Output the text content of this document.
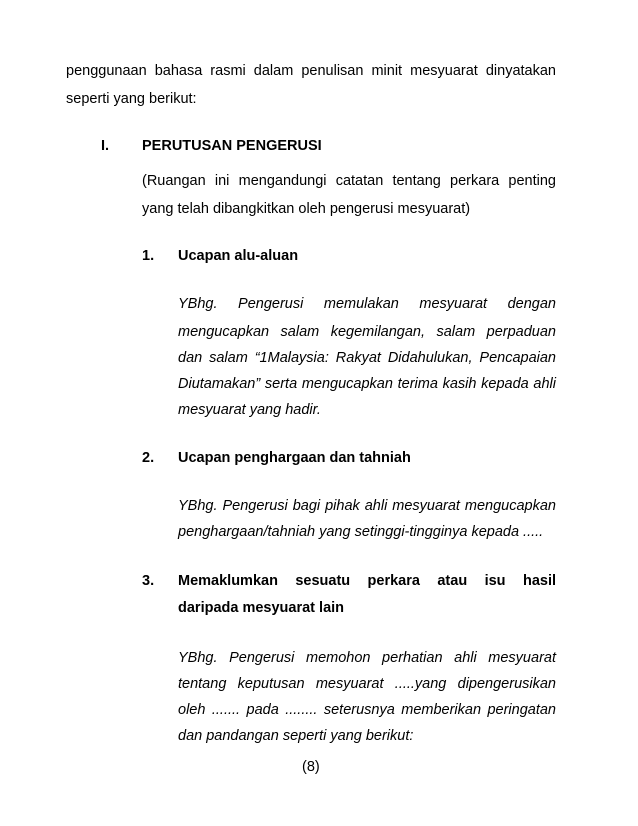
penggunaan bahasa rasmi dalam penulisan minit mesyuarat dinyatakan
seperti yang berikut:
I. PERUTUSAN PENGERUSI
(Ruangan ini mengandungi catatan tentang perkara penting
yang telah dibangkitkan oleh pengerusi mesyuarat)
1. Ucapan alu-aluan
YBhg. Pengerusi memulakan mesyuarat dengan
mengucapkan salam kegemilangan, salam perpaduan
dan salam “1Malaysia: Rakyat Didahulukan, Pencapaian
Diutamakan” serta mengucapkan terima kasih kepada ahli
mesyuarat yang hadir.
2. Ucapan penghargaan dan tahniah
YBhg. Pengerusi bagi pihak ahli mesyuarat mengucapkan
penghargaan/tahniah yang setinggi-tingginya kepada .....
3. Memaklumkan sesuatu perkara atau isu hasil
daripada mesyuarat lain
YBhg. Pengerusi memohon perhatian ahli mesyuarat
tentang keputusan mesyuarat .....yang dipengerusikan
oleh ....... pada ........ seterusnya memberikan peringatan
dan pandangan seperti yang berikut:
(8)
